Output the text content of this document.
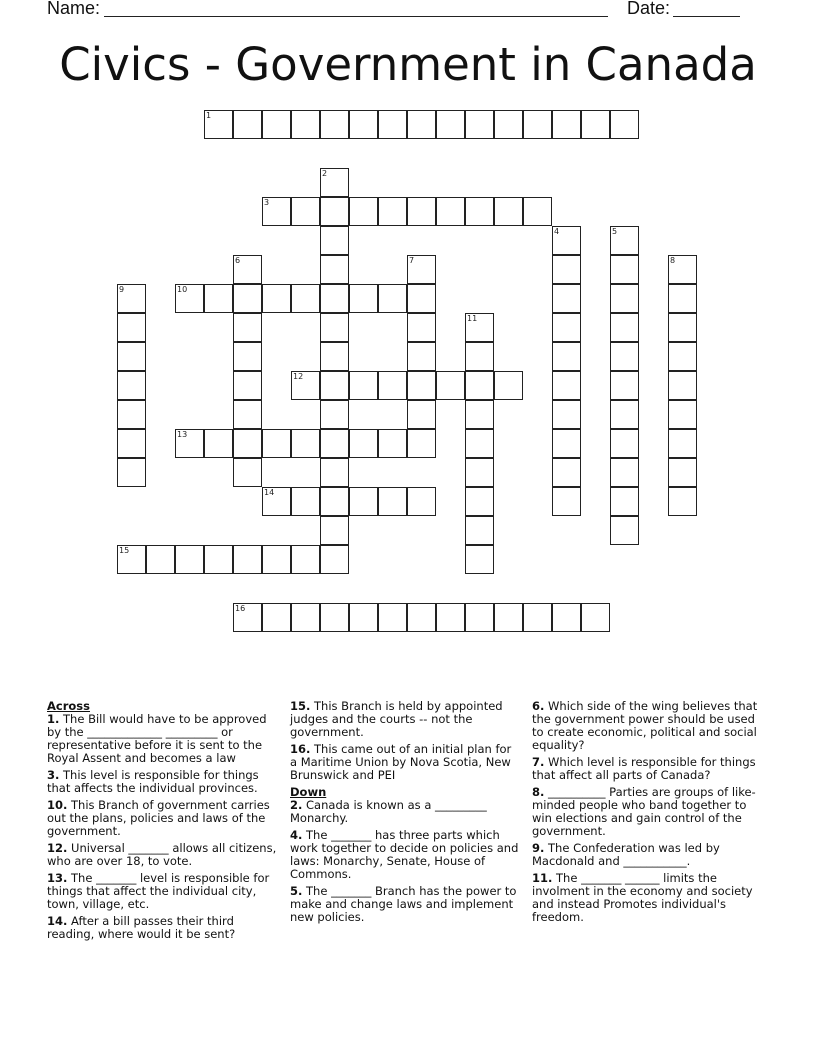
Name:	Date:
Civics - Government in Canada
1
3
10
12
13
14
15
16
2
4	5
6	7	8
9
11
Across

1. The Bill would have to be approved by the _____________ _________ or representative before it is sent to the Royal Assent and becomes a law

3. This level is responsible for things that affects the individual provinces.

10. This Branch of government carries out the plans, policies and laws of the government.

12. Universal _______ allows all citizens, who are over 18, to vote.

13. The _______ level is responsible for things that affect the individual city, town, village, etc.

14. After a bill passes their third reading, where would it be sent?

15. This Branch is held by appointed judges and the courts -- not the government.

16. This came out of an initial plan for a Maritime Union by Nova Scotia, New Brunswick and PEI

Down

2. Canada is known as a _________ Monarchy.

4. The _______ has three parts which work together to decide on policies and laws: Monarchy, Senate, House of Commons.

5. The _______ Branch has the power to make and change laws and implement new policies.

6. Which side of the wing believes that the government power should be used to create economic, political and social equality?

7. Which level is responsible for things that affect all parts of Canada?

8. __________ Parties are groups of like-minded people who band together to win elections and gain control of the government.

9. The Confederation was led by Macdonald and ___________.

11. The _______ ______ limits the involment in the economy and society and instead Promotes individual's freedom.
